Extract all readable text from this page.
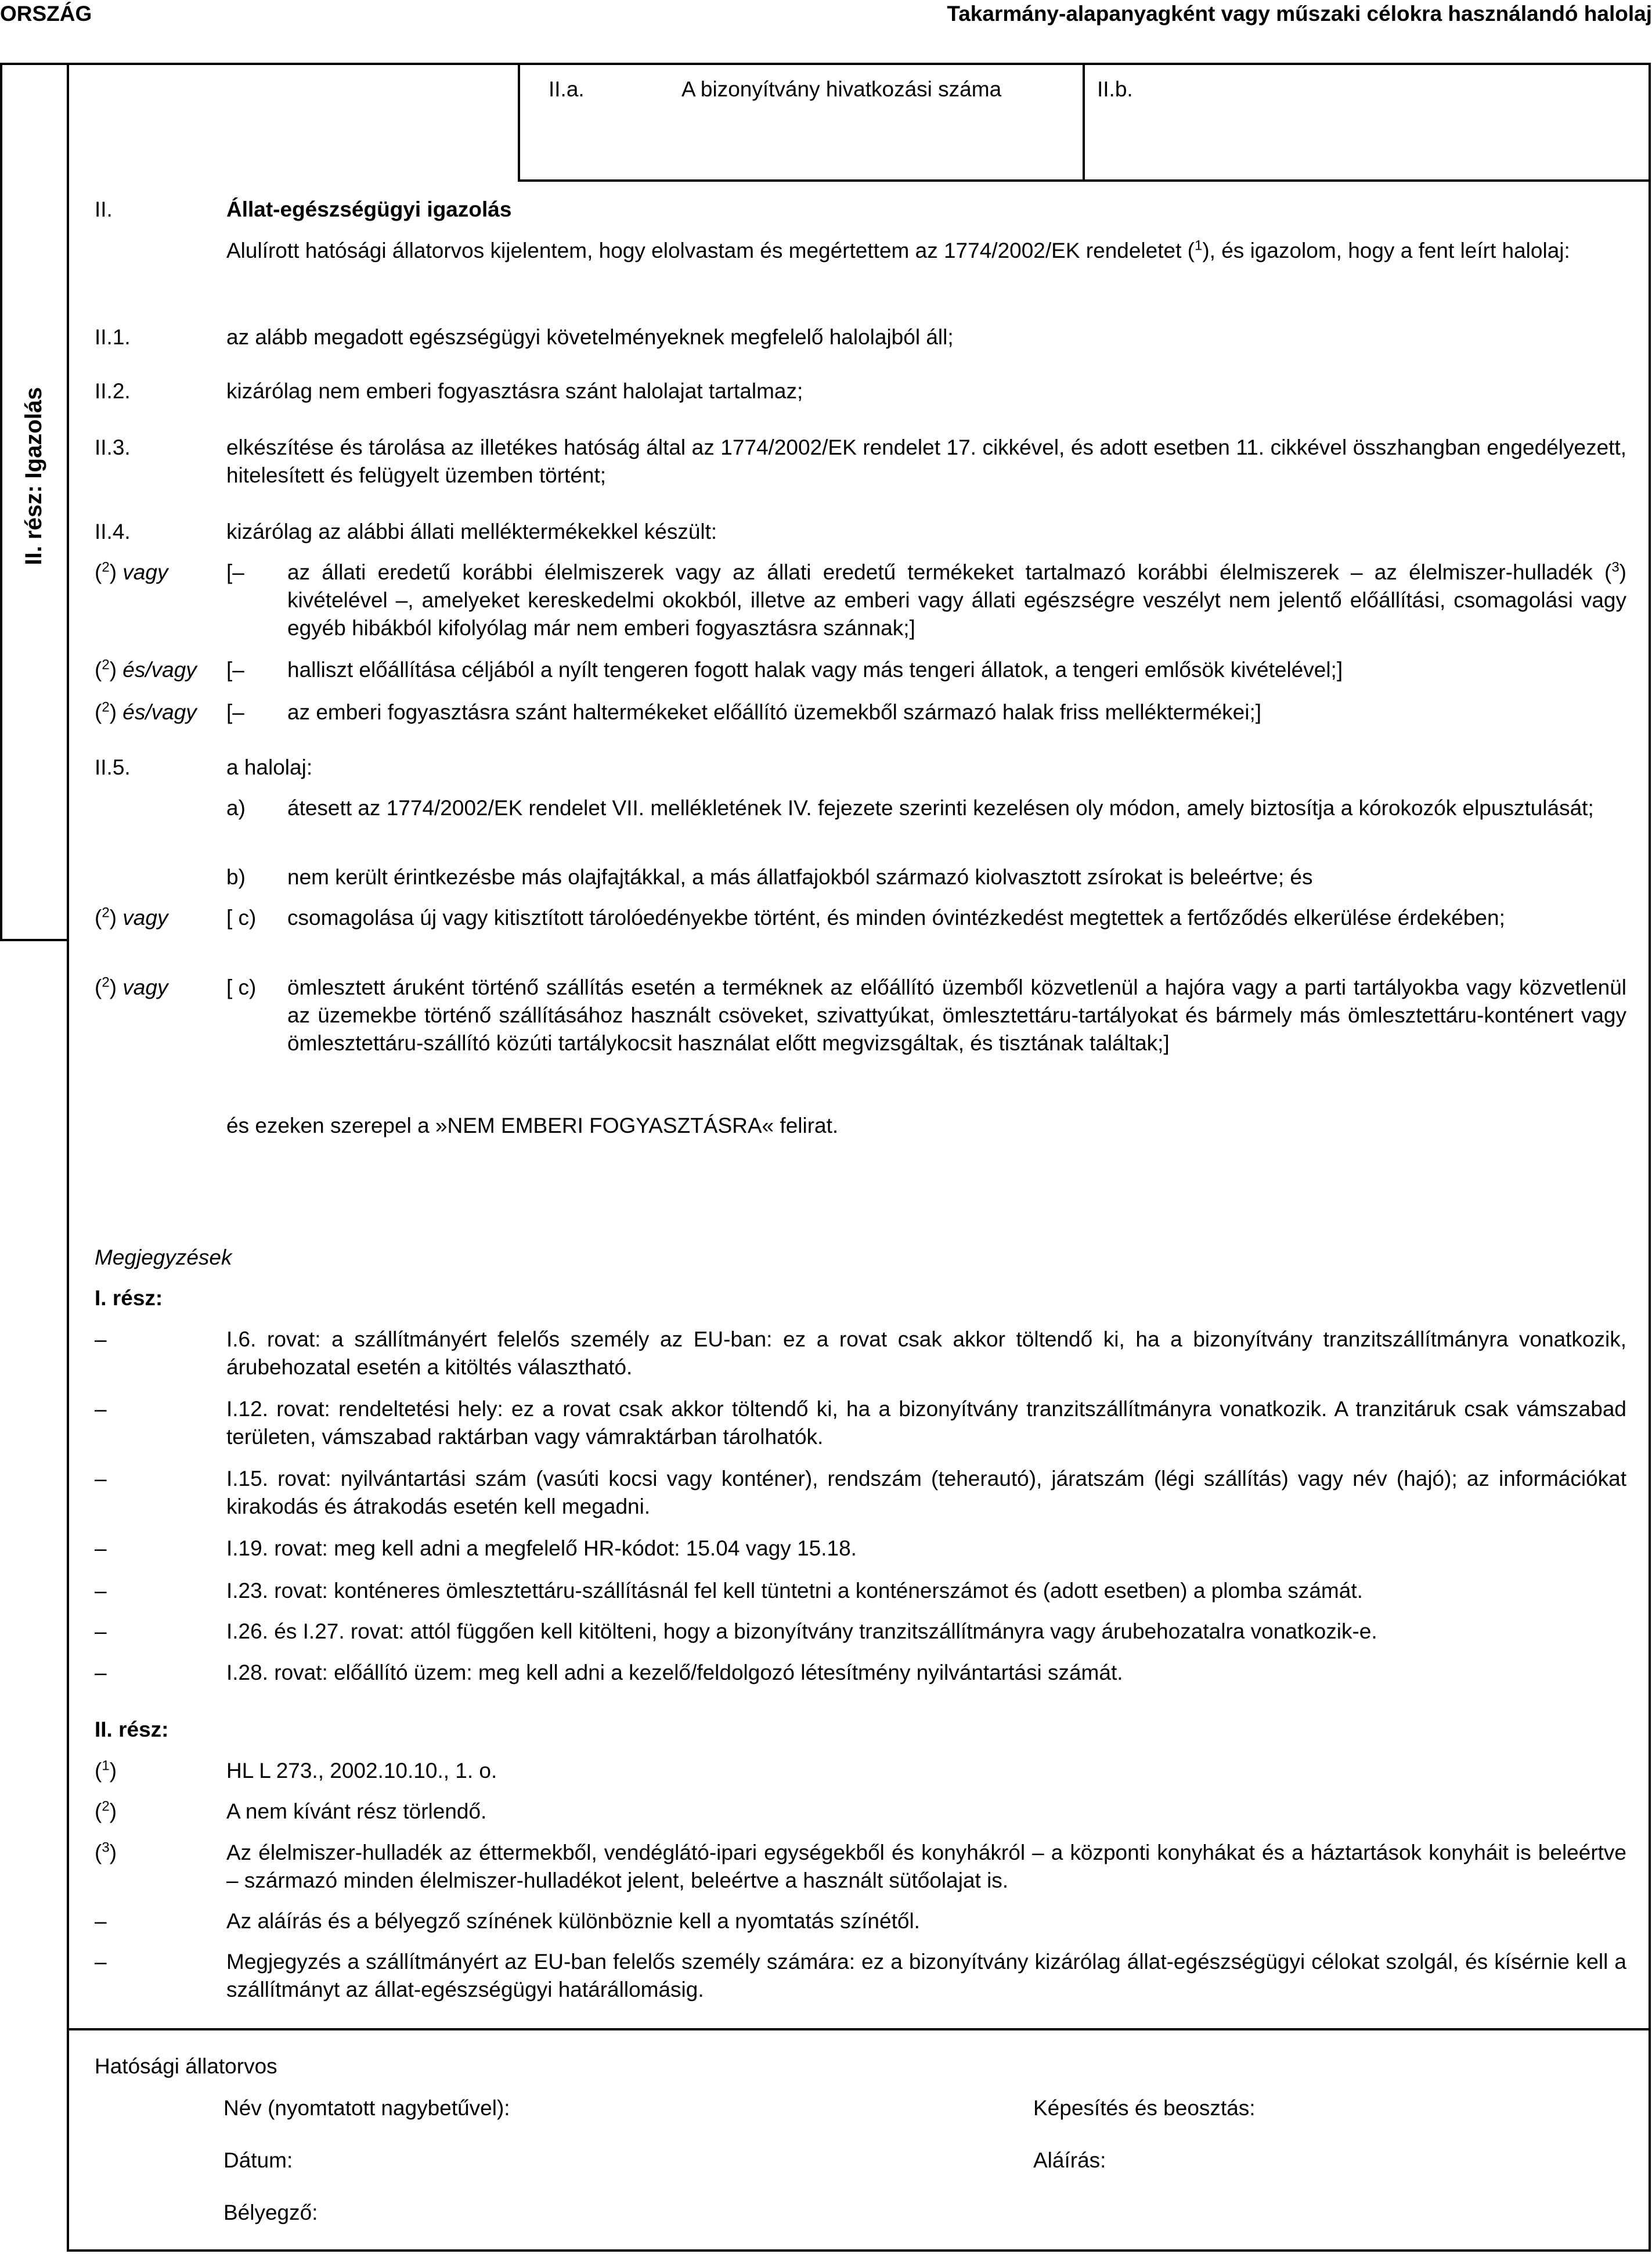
ORSZÁG	Takarmány-alapanyagként vagy műszaki célokra használandó halolaj
II.a.	A bizonyítvány hivatkozási száma	II.b.
II. rész: Igazolás
II.	Állat-egészségügyi igazolás
Alulírott hatósági állatorvos kijelentem, hogy elolvastam és megértettem az 1774/2002/EK rendeletet ($^1$), és igazolom, hogy a fent leírt halolaj:
II.1.	az alább megadott egészségügyi követelményeknek megfelelő halolajból áll;
II.2.	kizárólag nem emberi fogyasztásra szánt halolajat tartalmaz;
II.3.	elkészítése és tárolása az illetékes hatóság által az 1774/2002/EK rendelet 17. cikkével, és adott esetben 11. cikkével összhangban engedélyezett, hitelesített és felügyelt üzemben történt;
II.4.	kizárólag az alábbi állati melléktermékekkel készült:
($^2$) vagy	[– az állati eredetű korábbi élelmiszerek vagy az állati eredetű termékeket tartalmazó korábbi élelmiszerek – az élelmiszer-hulladék ($^3$) kivételével –, amelyeket kereskedelmi okokból, illetve az emberi vagy állati egészségre veszélyt nem jelentő előállítási, csomagolási vagy egyéb hibákból kifolyólag már nem emberi fogyasztásra szánnak;]
($^2$) és/vagy [– halliszt előállítása céljából a nyílt tengeren fogott halak vagy más tengeri állatok, a tengeri emlősök kivételével;]
($^2$) és/vagy [– az emberi fogyasztásra szánt haltermékeket előállító üzemekből származó halak friss melléktermékei;]
II.5.	a halolaj:
a) átesett az 1774/2002/EK rendelet VII. mellékletének IV. fejezete szerinti kezelésen oly módon, amely biztosítja a kórokozók elpusztulását;
b) nem került érintkezésbe más olajfajtákkal, a más állatfajokból származó kiolvasztott zsírokat is beleértve; és
($^2$) vagy	[ c) csomagolása új vagy kitisztított tárolóedényekbe történt, és minden óvintézkedést megtettek a fertőződés elkerülése érdekében;
($^2$) vagy	[ c) ömlesztett áruként történő szállítás esetén a terméknek az előállító üzemből közvetlenül a hajóra vagy a parti tartályokba vagy közvetlenül az üzemekbe történő szállításához használt csöveket, szivattyúkat, ömlesztettáru-tartályokat és bármely más ömlesztettáru-konténert vagy ömlesztettáru-szállító közúti tartálykocsit használat előtt megvizsgáltak, és tisztának találtak;]
és ezeken szerepel a »NEM EMBERI FOGYASZTÁSRA« felirat.
Megjegyzések
I. rész:
–	I.6. rovat: a szállítmányért felelős személy az EU-ban: ez a rovat csak akkor töltendő ki, ha a bizonyítvány tranzitszállítmányra vonatkozik, árubehozatal esetén a kitöltés választható.
–	I.12. rovat: rendeltetési hely: ez a rovat csak akkor töltendő ki, ha a bizonyítvány tranzitszállítmányra vonatkozik. A tranzitáruk csak vámszabad területen, vámszabad raktárban vagy vámraktárban tárolhatók.
–	I.15. rovat: nyilvántartási szám (vasúti kocsi vagy konténer), rendszám (teherautó), járatszám (légi szállítás) vagy név (hajó); az információkat kirakodás és átrakodás esetén kell megadni.
–	I.19. rovat: meg kell adni a megfelelő HR-kódot: 15.04 vagy 15.18.
–	I.23. rovat: konténeres ömlesztettáru-szállításnál fel kell tüntetni a konténerszámot és (adott esetben) a plomba számát.
–	I.26. és I.27. rovat: attól függően kell kitölteni, hogy a bizonyítvány tranzitszállítmányra vagy árubehozatalra vonatkozik-e.
–	I.28. rovat: előállító üzem: meg kell adni a kezelő/feldolgozó létesítmény nyilvántartási számát.
II. rész:
($^1$)	HL L 273., 2002.10.10., 1. o.
($^2$)	A nem kívánt rész törlendő.
($^3$)	Az élelmiszer-hulladék az éttermekből, vendéglátó-ipari egységekből és konyhákról – a központi konyhákat és a háztartások konyháit is beleértve – származó minden élelmiszer-hulladékot jelent, beleértve a használt sütőolajat is.
–	Az aláírás és a bélyegző színének különböznie kell a nyomtatás színétől.
–	Megjegyzés a szállítmányért az EU-ban felelős személy számára: ez a bizonyítvány kizárólag állat-egészségügyi célokat szolgál, és kísérnie kell a szállítmányt az állat-egészségügyi határállomásig.
Hatósági állatorvos
Név (nyomtatott nagybetűvel):	Képesítés és beosztás:
Dátum:	Aláírás:
Bélyegző:
